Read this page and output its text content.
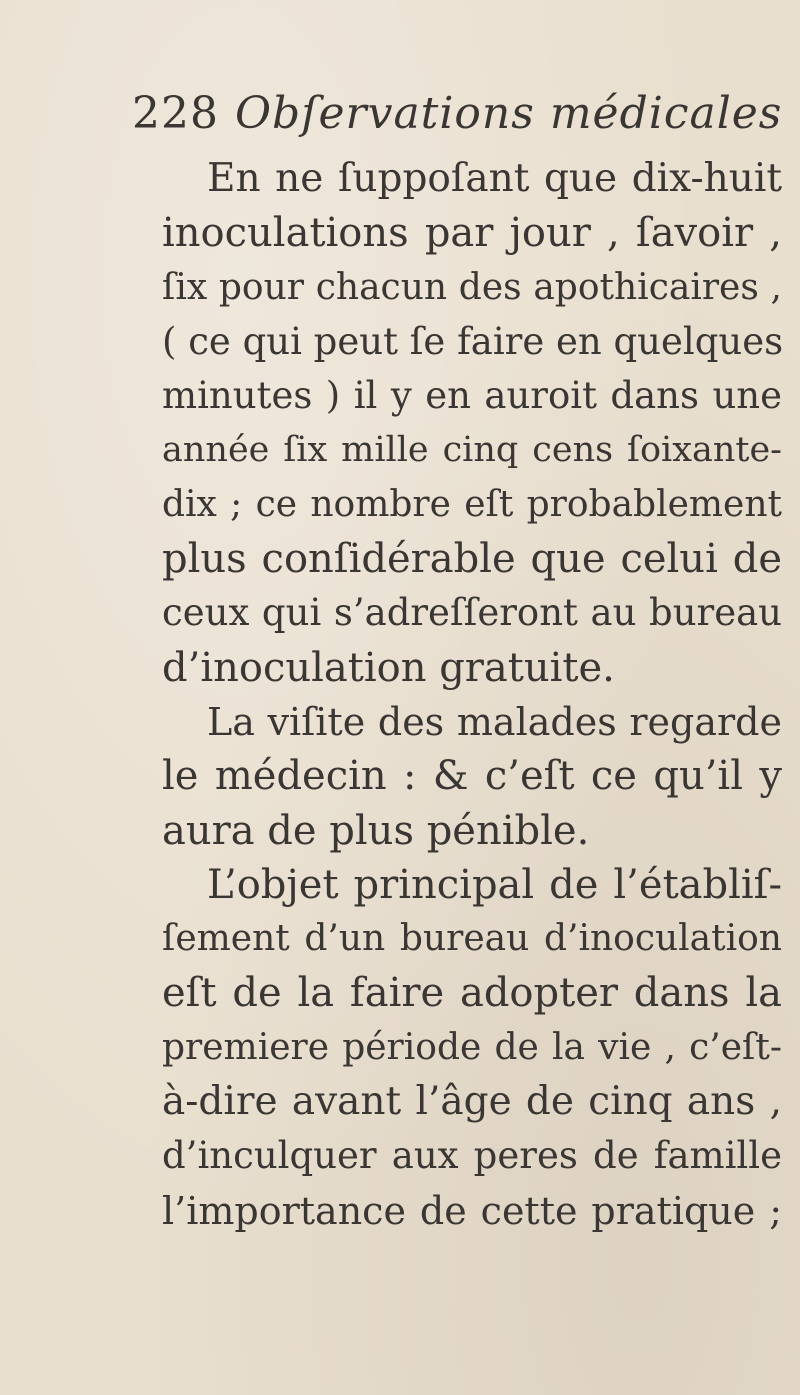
228 Obſervations médicales
En ne ſuppoſant que dix-huit
inoculations par jour , ſavoir ,
ſix pour chacun des apothicaires ,
( ce qui peut ſe faire en quelques
minutes ) il y en auroit dans une
année ſix mille cinq cens ſoixante-
dix ; ce nombre eſt probablement
plus conſidérable que celui de
ceux qui s’adreſſeront au bureau
d’inoculation gratuite.
La viſite des malades regarde
le médecin : & c’eſt ce qu’il y
aura de plus pénible.
L’objet principal de l’établiſ-
ſement d’un bureau d’inoculation
eſt de la faire adopter dans la
premiere période de la vie , c’eſt-
à-dire avant l’âge de cinq ans ,
d’inculquer aux peres de famille
l’importance de cette pratique ;
